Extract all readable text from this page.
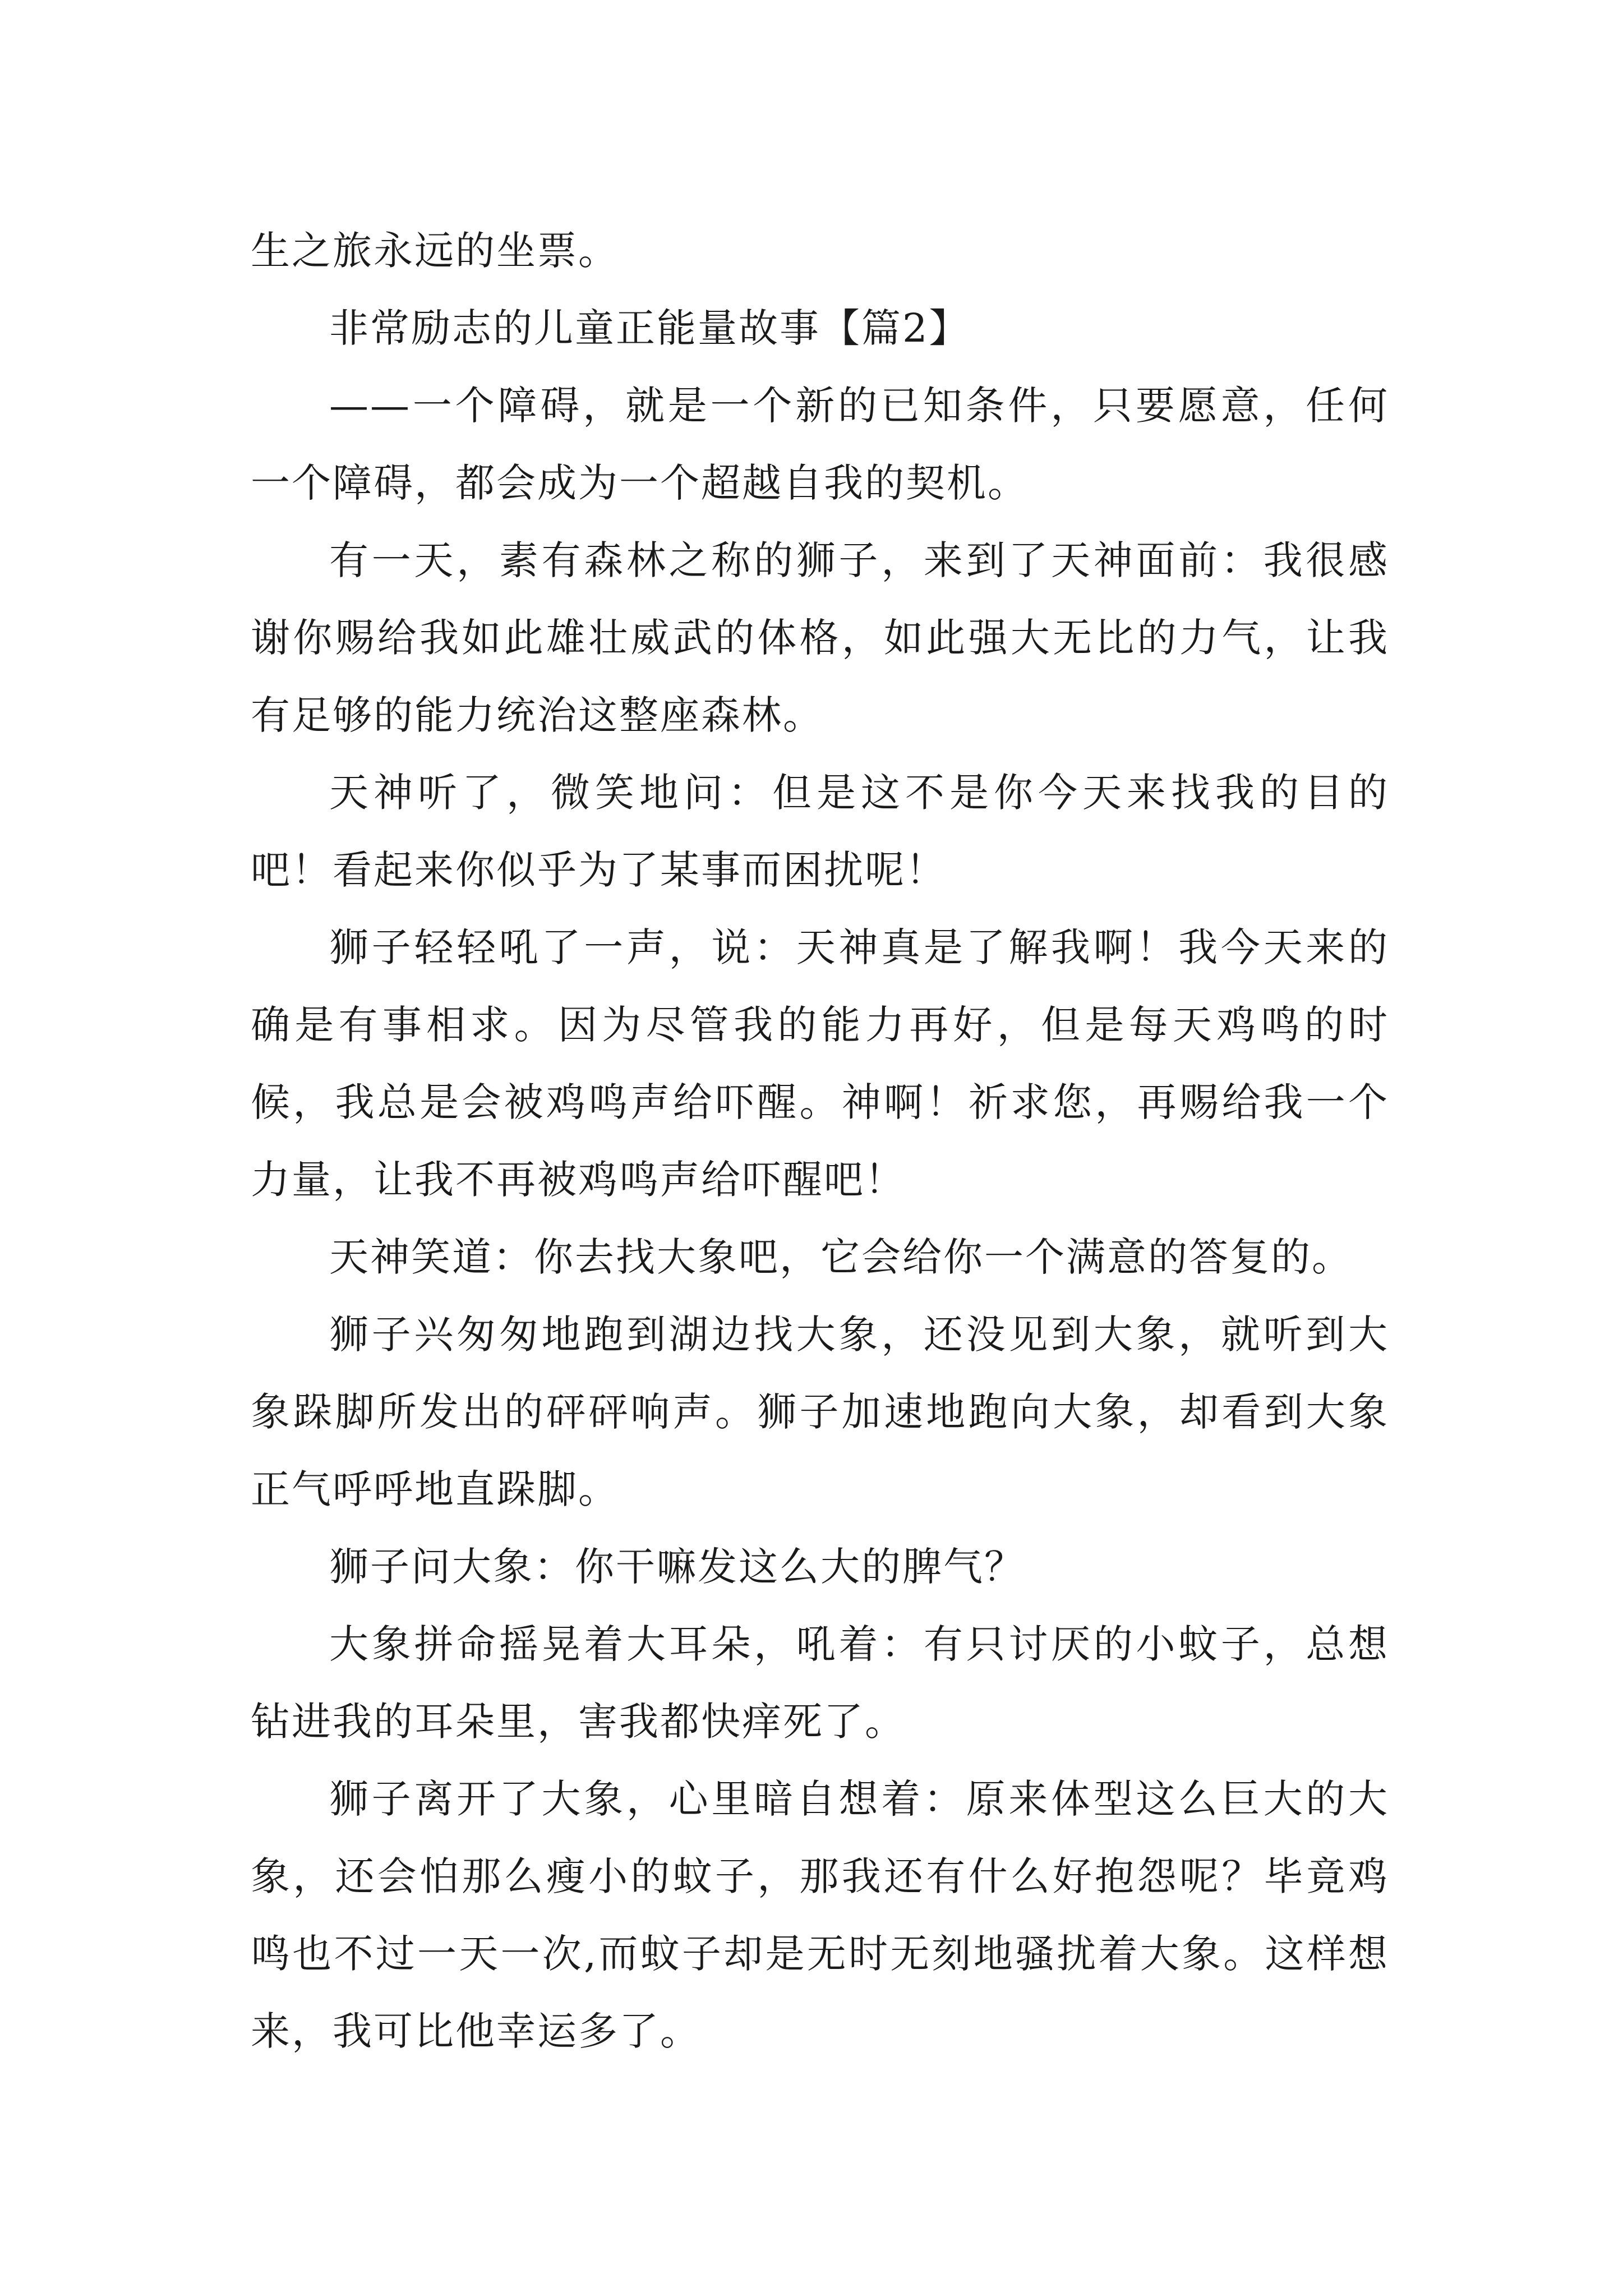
生之旅永远的坐票。

非常励志的儿童正能量故事【篇2】

——一个障碍，就是一个新的已知条件，只要愿意，任何一个障碍，都会成为一个超越自我的契机。

有一天，素有森林之称的狮子，来到了天神面前：我很感谢你赐给我如此雄壮威武的体格，如此强大无比的力气，让我有足够的能力统治这整座森林。

天神听了，微笑地问：但是这不是你今天来找我的目的吧！看起来你似乎为了某事而困扰呢！

狮子轻轻吼了一声，说：天神真是了解我啊！我今天来的确是有事相求。因为尽管我的能力再好，但是每天鸡鸣的时候，我总是会被鸡鸣声给吓醒。神啊！祈求您，再赐给我一个力量，让我不再被鸡鸣声给吓醒吧！

天神笑道：你去找大象吧，它会给你一个满意的答复的。

狮子兴匆匆地跑到湖边找大象，还没见到大象，就听到大象跺脚所发出的砰砰响声。狮子加速地跑向大象，却看到大象正气呼呼地直跺脚。

狮子问大象：你干嘛发这么大的脾气？

大象拼命摇晃着大耳朵，吼着：有只讨厌的小蚊子，总想钻进我的耳朵里，害我都快痒死了。

狮子离开了大象，心里暗自想着：原来体型这么巨大的大象，还会怕那么瘦小的蚊子，那我还有什么好抱怨呢？毕竟鸡鸣也不过一天一次,而蚊子却是无时无刻地骚扰着大象。这样想来，我可比他幸运多了。
